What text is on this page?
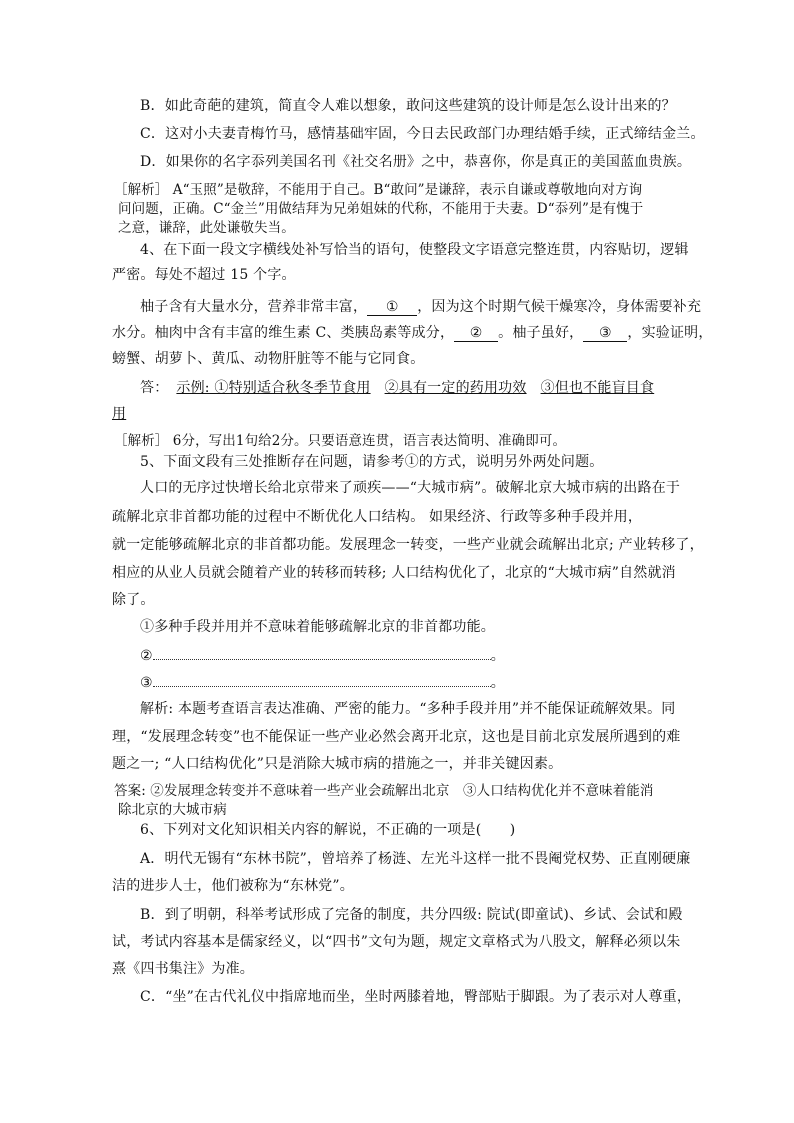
B．如此奇葩的建筑，简直令人难以想象，敢问这些建筑的设计师是怎么设计出来的？
C．这对小夫妻青梅竹马，感情基础牢固，今日去民政部门办理结婚手续，正式缔结金兰。
D．如果你的名字忝列美国名刊《社交名册》之中，恭喜你，你是真正的美国蓝血贵族。
［解析］ A“玉照”是敬辞，不能用于自己。B“敢问”是谦辞，表示自谦或尊敬地向对方询
问问题，正确。C“金兰”用做结拜为兄弟姐妹的代称，不能用于夫妻。D“忝列”是有愧于
之意，谦辞，此处谦敬失当。
4、在下面一段文字横线处补写恰当的语句，使整段文字语意完整连贯，内容贴切，逻辑
严密。每处不超过 15 个字。
柚子含有大量水分，营养非常丰富， ① ，因为这个时期气候干燥寒冷，身体需要补充
水分。柚肉中含有丰富的维生素 C、类胰岛素等成分， ② 。柚子虽好， ③ ，实验证明，
螃蟹、胡萝卜、黄瓜、动物肝脏等不能与它同食。
答： 示例: ①特别适合秋冬季节食用 ②具有一定的药用功效 ③但也不能盲目食
用
［解析］ 6分，写出1句给2分。只要语意连贯，语言表达简明、准确即可。
5、下面文段有三处推断存在问题，请参考①的方式，说明另外两处问题。
人口的无序过快增长给北京带来了顽疾——“大城市病”。破解北京大城市病的出路在于
疏解北京非首都功能的过程中不断优化人口结构。 如果经济、行政等多种手段并用，
就一定能够疏解北京的非首都功能。发展理念一转变，一些产业就会疏解出北京; 产业转移了，
相应的从业人员就会随着产业的转移而转移; 人口结构优化了，北京的“大城市病”自然就消
除了。
①多种手段并用并不意味着能够疏解北京的非首都功能。
②	。
③	。
解析: 本题考查语言表达准确、严密的能力。“多种手段并用”并不能保证疏解效果。同
理，“发展理念转变”也不能保证一些产业必然会离开北京，这也是目前北京发展所遇到的难
题之一; “人口结构优化”只是消除大城市病的措施之一，并非关键因素。
答案: ②发展理念转变并不意味着一些产业会疏解出北京　③人口结构优化并不意味着能消
除北京的大城市病
6、下列对文化知识相关内容的解说，不正确的一项是(　　)
A．明代无锡有“东林书院”，曾培养了杨涟、左光斗这样一批不畏阉党权势、正直刚硬廉
洁的进步人士，他们被称为“东林党”。
B．到了明朝，科举考试形成了完备的制度，共分四级: 院试(即童试)、乡试、会试和殿
试，考试内容基本是儒家经义，以“四书”文句为题，规定文章格式为八股文，解释必须以朱
熹《四书集注》为准。
C．“坐”在古代礼仪中指席地而坐，坐时两膝着地，臀部贴于脚跟。为了表示对人尊重，
